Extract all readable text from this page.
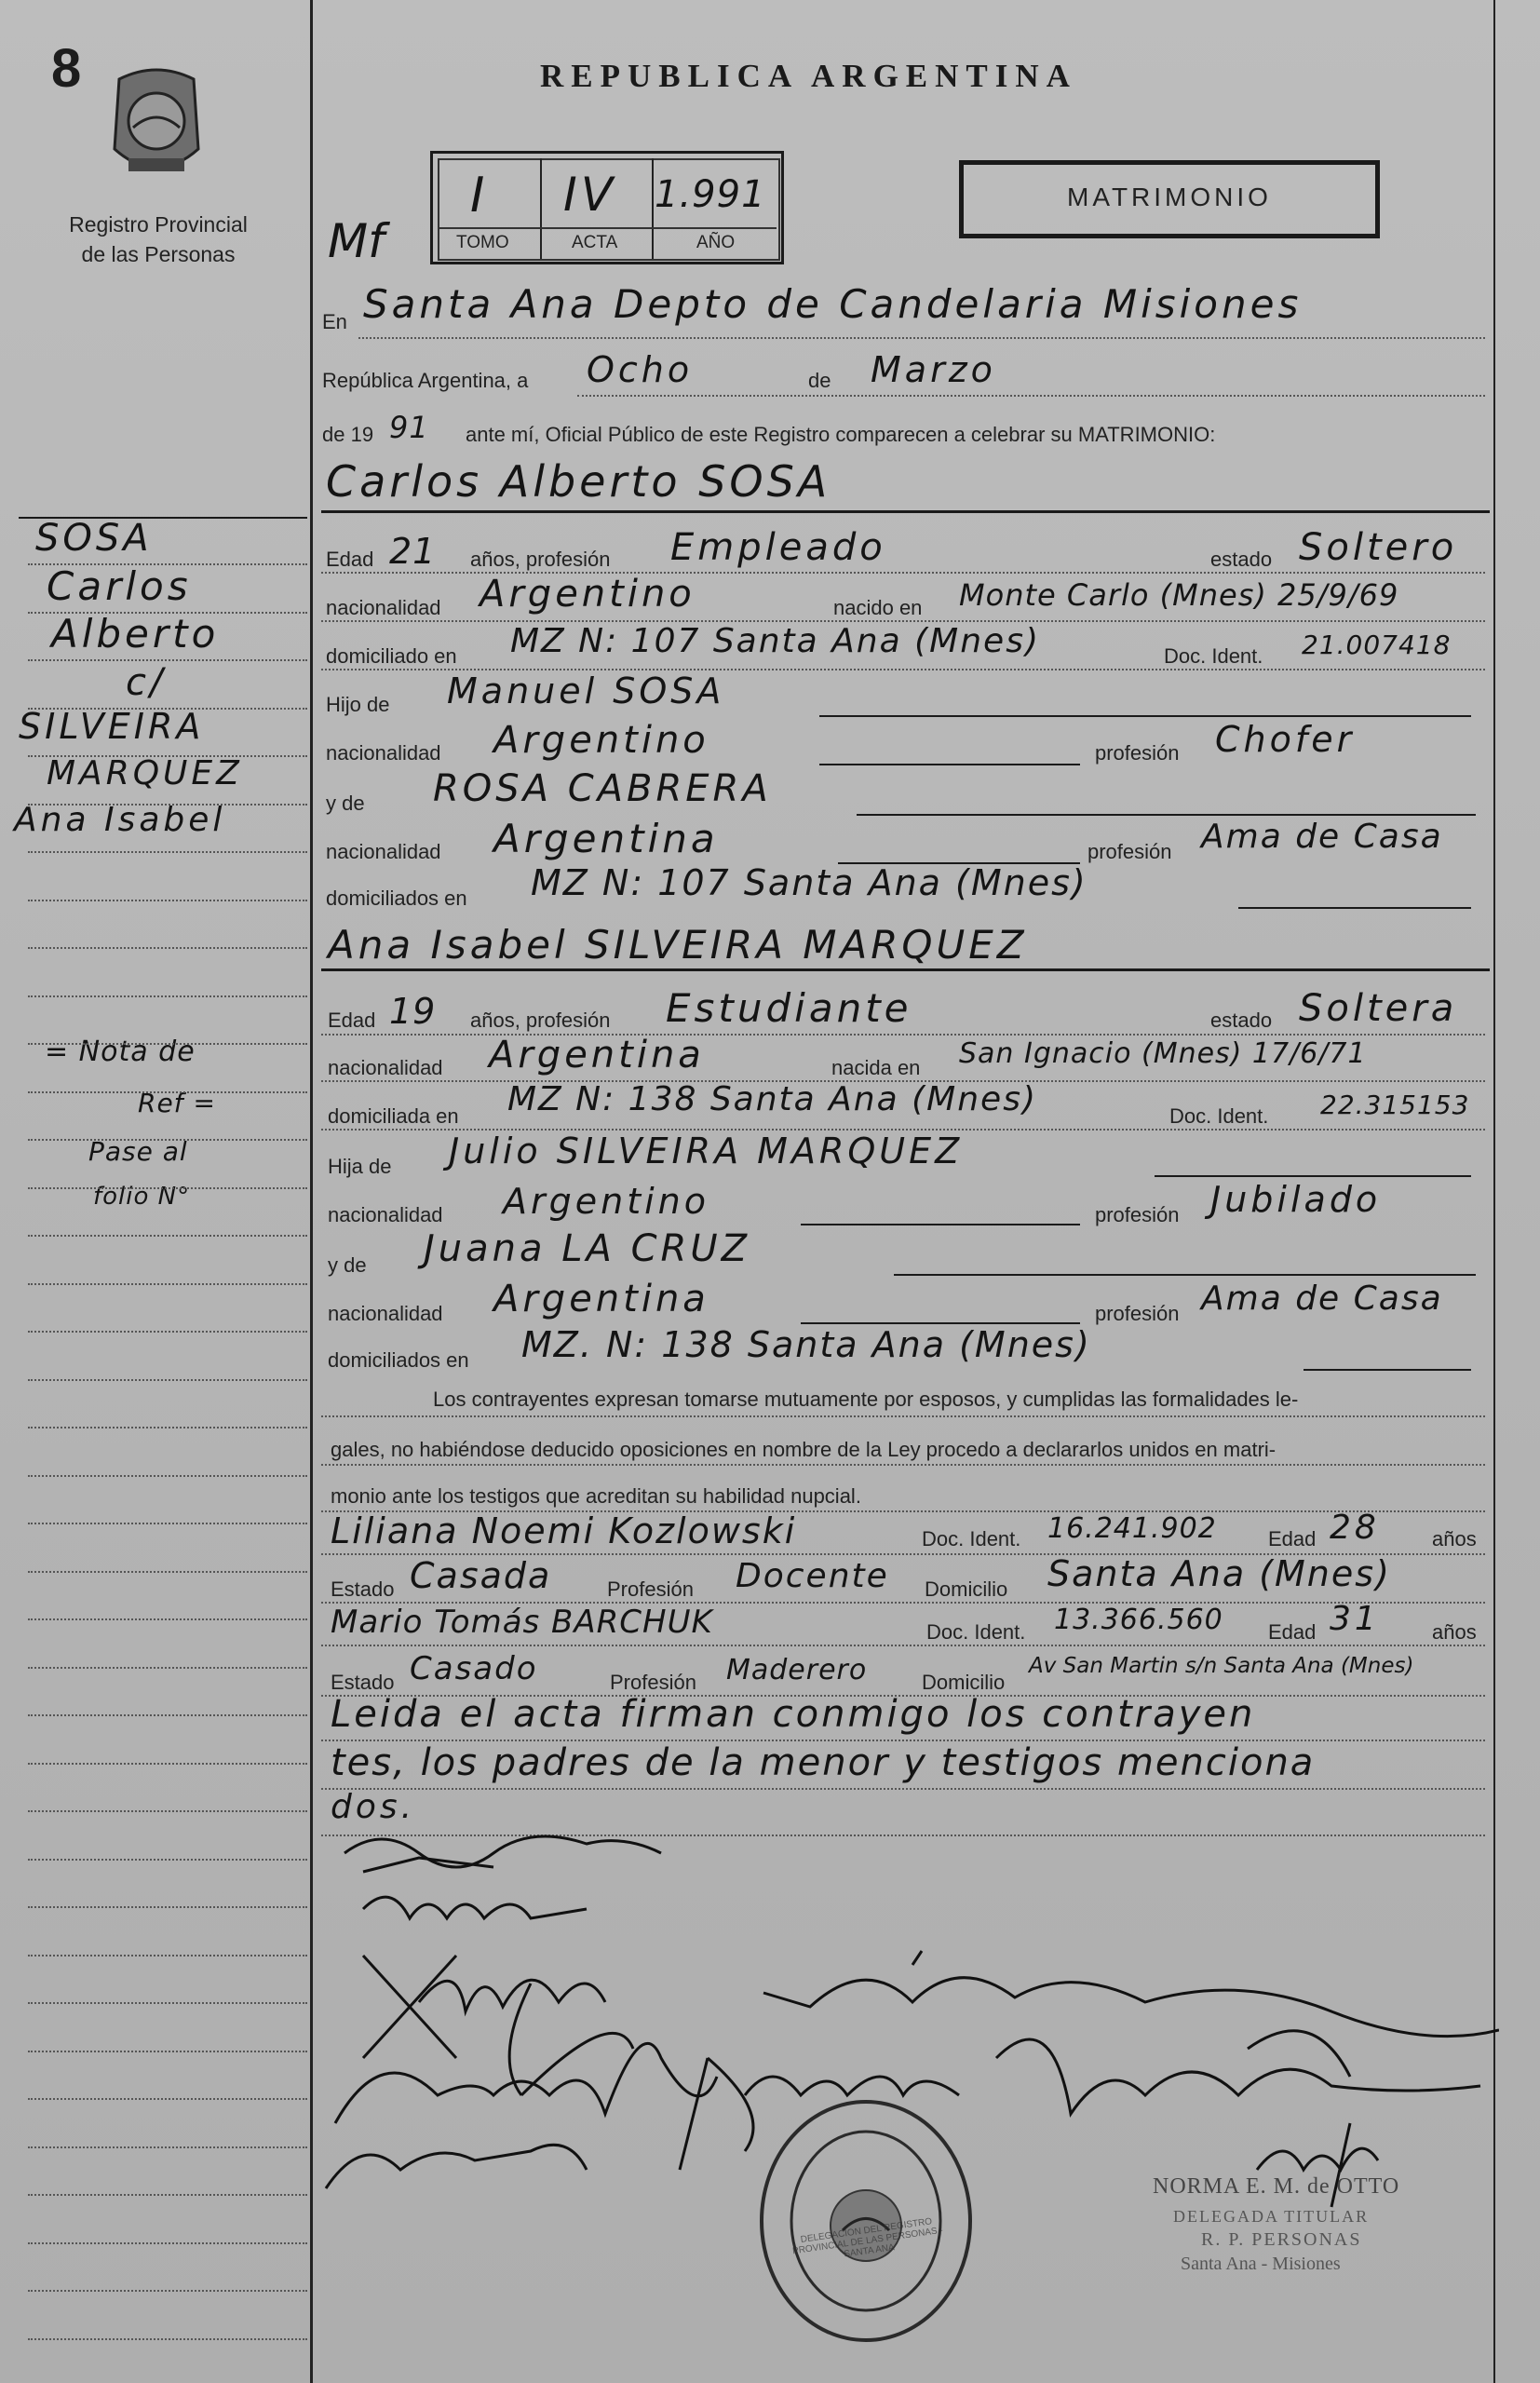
8
Registro Provincial
de las Personas
REPUBLICA ARGENTINA
I IV 1.991
TOMO	ACTA	AÑO
MATRIMONIO
Mf
En Santa Ana Depto de Candelaria Misiones
República Argentina, a Ocho	de Marzo
de 19 91 ante mí, Oficial Público de este Registro comparecen a celebrar su MATRIMONIO:
Carlos Alberto SOSA
Edad 21 años, profesión Empleado	estado Soltero
nacionalidad Argentino	nacido en Monte Carlo (Mnes) 25/9/69
domiciliado en MZ N: 107 Santa Ana (Mnes)	Doc. Ident. 21.007418
Hijo de Manuel SOSA
nacionalidad Argentino	profesión Chofer
y de ROSA CABRERA
nacionalidad Argentina	profesión Ama de Casa
domiciliados en MZ N: 107 Santa Ana (Mnes)
Ana Isabel SILVEIRA MARQUEZ
Edad 19 años, profesión Estudiante	estado Soltera
nacionalidad Argentina	nacida en San Ignacio (Mnes) 17/6/71
domiciliada en MZ N: 138 Santa Ana (Mnes)	Doc. Ident. 22.315153
Hija de Julio SILVEIRA MARQUEZ
nacionalidad Argentino	profesión Jubilado
y de Juana LA CRUZ
nacionalidad Argentina	profesión Ama de Casa
domiciliados en MZ. N: 138 Santa Ana (Mnes)
Los contrayentes expresan tomarse mutuamente por esposos, y cumplidas las formalidades le-
gales, no habiéndose deducido oposiciones en nombre de la Ley procedo a declararlos unidos en matri-
monio ante los testigos que acreditan su habilidad nupcial.
Liliana Noemi Kozlowski	Doc. Ident. 16.241.902	Edad 28	años
Estado Casada	Profesión Docente Domicilio Santa Ana (Mnes)
Mario Tomás BARCHUK	Doc. Ident. 13.366.560 Edad 31	años
Estado Casado	Profesión Maderero	Domicilio
Av San Martin s/n Santa Ana (Mnes)
Leida el acta firman conmigo los contrayen
tes, los padres de la menor y testigos menciona
dos.
DELEGACION DEL REGISTRO PROVINCIAL DE LAS PERSONAS - SANTA ANA
NORMA E. M. de OTTO
DELEGADA TITULAR
R. P. PERSONAS
Santa Ana - Misiones
SOSA
Carlos
Alberto
c/
SILVEIRA
MARQUEZ
Ana Isabel
= Nota de
Ref =
Pase al
folio N°
